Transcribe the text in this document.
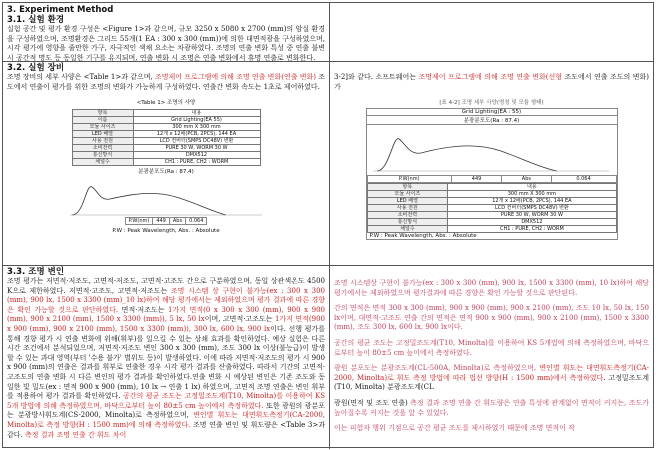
3. Experiment Method
3.1. 실험 환경
실험 공간 및 평가 환경 구성은 <Figure 1>과 같으며, 규모 3250 x 5080 x 2700 (mm)의 암실 환경을 구성하였으며, 조명환경은 그리드 55개(1 EA : 300 x 300 (mm))에 의한 대면적광을 구성하였으며, 시각 평가에 영향을 줄만한 가구, 자극적인 색채 요소는 차광하였다. 조명의 연출 변화 특성 중 연출 불변 시 공간적 명도 등 동일한 기구를 유지되며, 연출 변화 시 조명은 연출 변화에서 휴명 연출로 변화한다.
3.2. 실험 장비
조명 장비의 세부 사양은 <Table 1>과 같으며, 조명제어 프로그램에 의해 조명 연출 변화(연출 변화) 조도에서 연출이 평가를 위한 조명의 변화가 가능하게 구성하였다. 연출간 변화 속도는 1초로 제어하였다.
<Table 1> 조명의 사양
항목	내용
이름	Grid Lighting(EA 55)
모듈 사이즈	300 mm X 300 mm
LED 배열	12개 x 12배(PCB, 2PCS), 144 EA
사용 전원	LCD 컨버터(SMPS DC48V) 변환
소비전력	PURE 30 W, WORM 30 W
통신방식	DMX512
채널수	CH1 : PURE, CH2 : WORM
분광분포도(Ra : 87.4)
P.W(nm)	449	Abs	0.064
P.W : Peak Wavelength, Abs. : Absolute
3-2]와 같다. 소프트웨어는 조명제어 프로그램에 의해 조명 연출 변화(선형 조도에서 연출 조도의 변화)가
[표 4-2] 조명 세부 사양(명칭 및 모듈 형태)
Grid Lighting(EA : 55)
분광분포도(Ra : 87.4)
P.W(nm)	449	Abs	0.064
항목	내용
모듈 사이즈	300 mm X 300 mm
LED 배열	12개 x 12배(PCB, 2PCS), 144 EA
사용 전원	LCD 컨버터(SMPS DC48V) 변환
소비전력	PURE 30 W, WORM 30 W
통신방식	DMX512
채널수	CH1 : PURE, CH2 : WORM
P.W : Peak Wavelength, Abs. : Absolute
3.3. 조명 변인
조명 평가는 저면적·저조도, 고면적·저조도, 고면적·고조도 간으로 구분하였으며, 동일 상관색온도 4500 K으로 제한하였다. 저면적·고조도, 고면적·저조도는 조명 시스템 상 구현이 불가능(ex : 300 x 300 (mm), 900 lx, 1500 x 3300 (mm)_10 lx)하여 해당 평가에서는 제외하였으며 평가 결과에 따른 경향은 확인 가능할 것으로 판단하였다. 면적·저조도는 1가지 면적(0 x 300 x 300 (mm), 900 x 900 (mm), 900 x 2100 (mm), 1500 x 3300 (mm)), 5 lx, 50 lx이며, 고면적·고조도는 1가지 면적(900 x 900 (mm), 900 x 2100 (mm), 1500 x 3300 (mm)), 300 lx, 600 lx, 900 lx이다. 선행 평가를 통해 경향 평가 시 연출 변화에 위해(휘부)를 일으킬 수 있는 상쇄 효과를 확인하였다. 예상 실험은 다른 시간 조건에서 분석되었으며, 저면적·저조도 변인 300 x 300 (mm), 조도 300 lx 이상(불능급)이 발생할 수 있는 과대 영역(부터 '수용 불가' 별위도 등)이 발생하였다. 이에 따라 저면적·저조도의 평가 시 900 x 900 (mm)의 연출은 결과를 휘부로 연출한 경우 시각 평가 결과를 산출하였다. 따라서 기간의 고면적·고조도의 연출 변화 시 다른 변인의 평가 결과를 확인하였다.연출 변화 시 예상된 변인은 기존 조도와 동일한 빛 밀도(ex : 면적 900 x 900 (mm), 10 lx → 연출 1 lx) 하였으며, 고면적 조명 연출은 변인 휘부를 적용하여 평가 결과를 확인하였다. 공간의 평균 조도는 고정밀조도계(T10, Minolta)를 이용하여 KS 5개 방법에 의해 측정하였으며, 바닥으로부터 높이 80±5 cm 높이에서 측정하였다. 또한 광원의 광분포는 분광방사휘도계(CS-2000, Minolta)로 측정하였으며, 변인별 휘도는 대면휘도측정기(CA-2000, Minolta)로 측정 방향(H : 1500 mm)에 의해 측정하였다. 조명 연출 변인 및 휘도량은 <Table 3>과 같다. 측정 결과 조명 연출 간 휘도 차이
조명 시스템상 구현이 불가능(ex : 300 x 300 (mm), 900 lx, 1500 x 3300 (mm), 10 lx)하여 해당 평가에서는 제외하였으며 평가결과에 따른 경향은 확인 가능할 것으로 판단된다.
간의 면적은 면적 300 x 300 (mm), 900 x 900 (mm), 900 x 2100 (mm), 조도 10 lx, 50 lx, 150 lx이며, 대면적·고조도 연출 간의 면적은 면적 900 x 900 (mm), 900 x 2100 (mm), 1500 x 3300 (mm), 조도 300 lx, 600 lx, 900 lx이다.
공간의 평균 조도는 고정밀조도계(T10, Minolta)를 이용하여 KS 5개법에 의해 측정하였으며, 바닥으로부터 높이 80±5 cm 높이에서 측정하였다.
광원 분포도는 분광조도계(CL-500A, Minolta)로 측정하였으며, 변인별 휘도는 대면휘도측정기(CA-2000, Minolta)로 휘도 측정 방법에 따라 법선 방향(H : 1500 mm)에서 측정하였다. 고정밀조도계(T10, Minolta) 분광조도계(CL
광원(면적 및 조도 연출) 측정 결과 조명 연출 간 휘도량은 연출 특성에 관계없이 면적이 커지는, 조도가 높아질수록 커지는 것을 알 수 있었다.
이는 피험자 행위 기점으로 공간 평균 조도를 제시하였기 때문에 조명 면적이 작
